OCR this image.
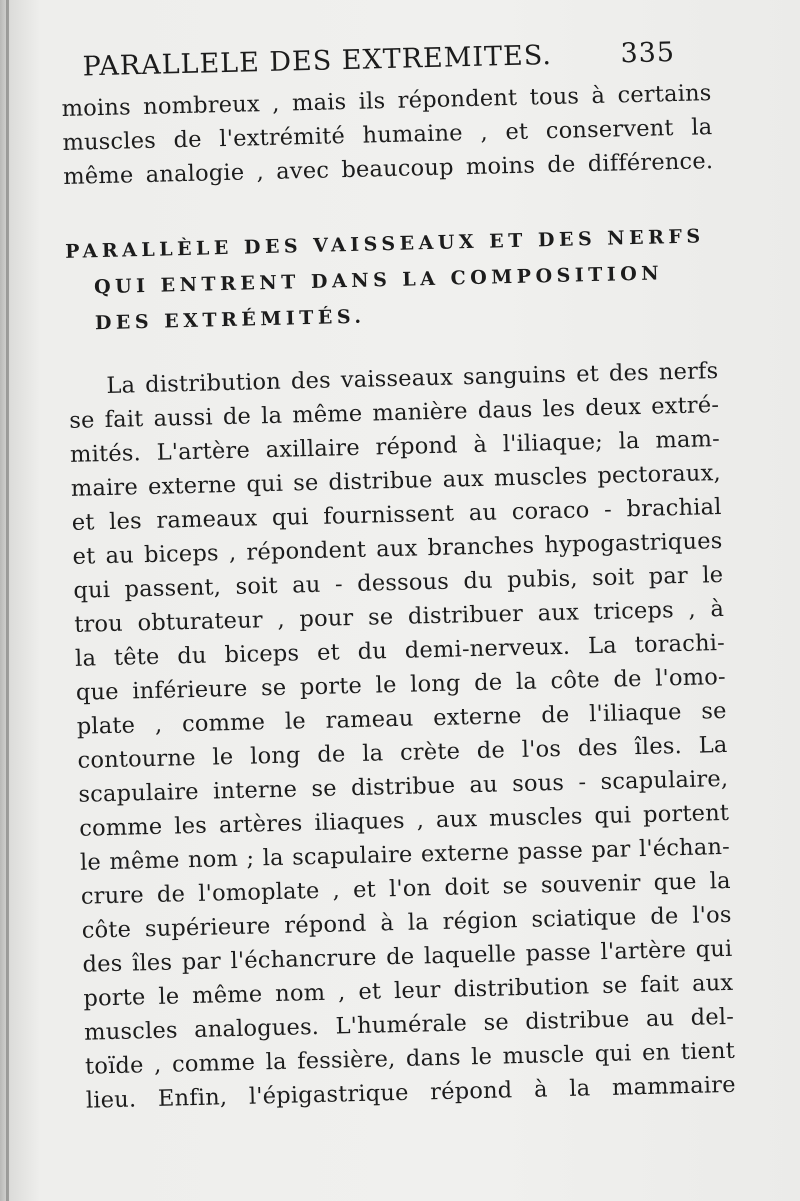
PARALLELE DES EXTREMITES.	335
moins nombreux , mais ils répondent tous à certains
muscles de l'extrémité humaine , et conservent la
même analogie , avec beaucoup moins de différence.
PARALLÈLE DES VAISSEAUX ET DES NERFS
QUI ENTRENT DANS LA COMPOSITION
DES EXTRÉMITÉS.
La distribution des vaisseaux sanguins et des nerfs
se fait aussi de la même manière daus les deux extré-
mités. L'artère axillaire répond à l'iliaque; la mam-
maire externe qui se distribue aux muscles pectoraux,
et les rameaux qui fournissent au coraco - brachial
et au biceps , répondent aux branches hypogastriques
qui passent, soit au - dessous du pubis, soit par le
trou obturateur , pour se distribuer aux triceps , à
la tête du biceps et du demi-nerveux. La torachi-
que inférieure se porte le long de la côte de l'omo-
plate , comme le rameau externe de l'iliaque se
contourne le long de la crète de l'os des îles. La
scapulaire interne se distribue au sous - scapulaire,
comme les artères iliaques , aux muscles qui portent
le même nom ; la scapulaire externe passe par l'échan-
crure de l'omoplate , et l'on doit se souvenir que la
côte supérieure répond à la région sciatique de l'os
des îles par l'échancrure de laquelle passe l'artère qui
porte le même nom , et leur distribution se fait aux
muscles analogues. L'humérale se distribue au del-
toïde , comme la fessière, dans le muscle qui en tient
lieu. Enfin, l'épigastrique répond à la mammaire
